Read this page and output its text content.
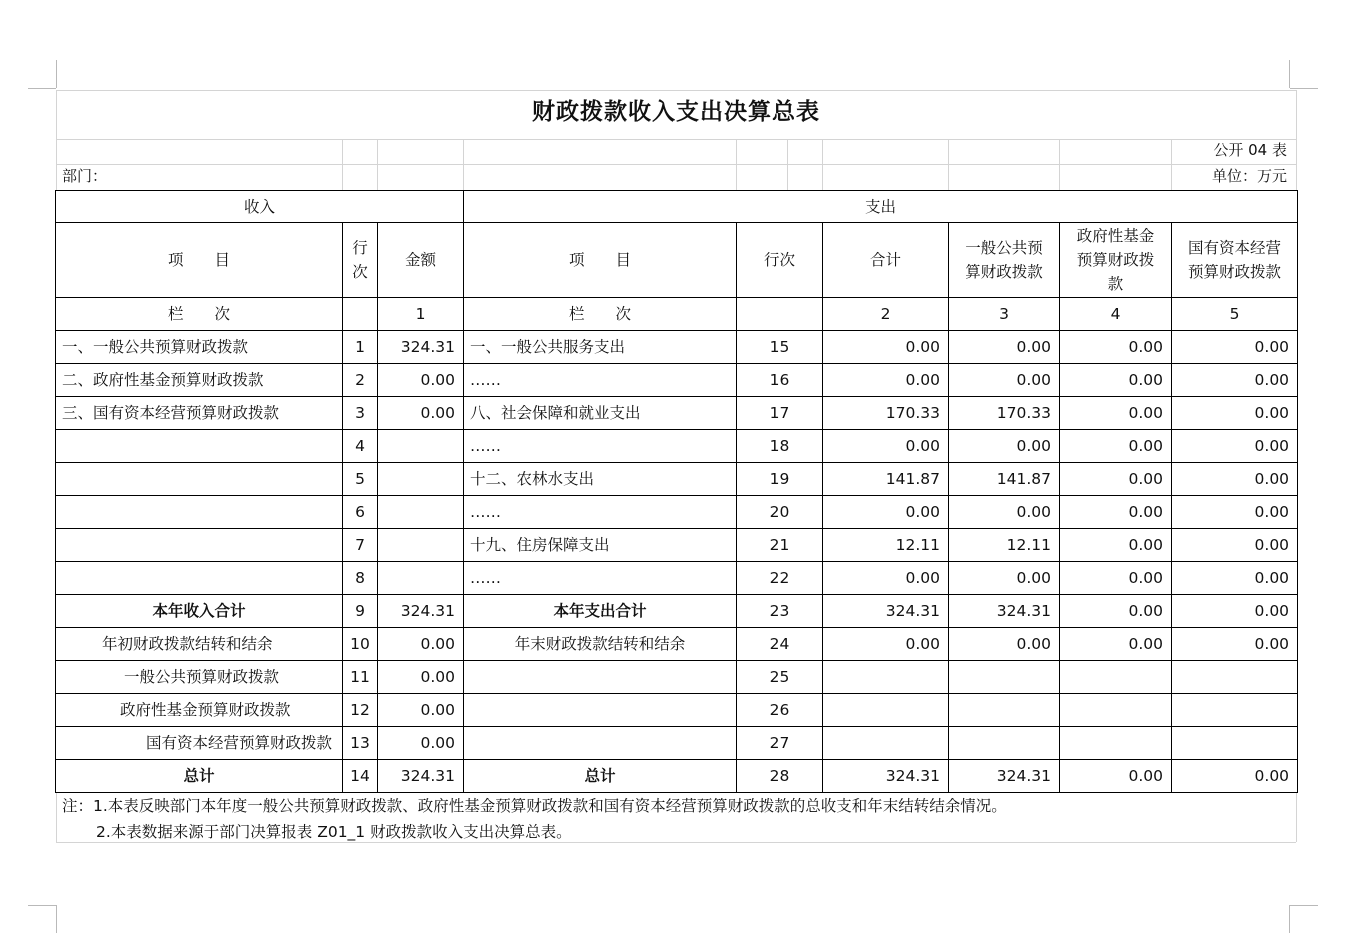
财政拨款收入支出决算总表
公开 04 表
部门：	单位：万元
收入			支出					
项　　目	行次	金额	项　　目	行次	合计	一般公共预算财政拨款	政府性基金预算财政拨款	国有资本经营预算财政拨款
栏　　次		1	栏　　次		2	3	4	5
一、一般公共预算财政拨款	1	324.31	一、一般公共服务支出	15	0.00	0.00	0.00	0.00
二、政府性基金预算财政拨款	2	0.00	……	16	0.00	0.00	0.00	0.00
三、国有资本经营预算财政拨款	3	0.00	八、社会保障和就业支出	17	170.33	170.33	0.00	0.00
	4		……	18	0.00	0.00	0.00	0.00
	5		十二、农林水支出	19	141.87	141.87	0.00	0.00
	6		……	20	0.00	0.00	0.00	0.00
	7		十九、住房保障支出	21	12.11	12.11	0.00	0.00
	8		……	22	0.00	0.00	0.00	0.00
本年收入合计	9	324.31	本年支出合计	23	324.31	324.31	0.00	0.00
年初财政拨款结转和结余	10	0.00	年末财政拨款结转和结余	24	0.00	0.00	0.00	0.00
一般公共预算财政拨款	11	0.00		25				
政府性基金预算财政拨款	12	0.00		26				
国有资本经营预算财政拨款	13	0.00		27				
总计	14	324.31	总计	28	324.31	324.31	0.00	0.00
注：1.本表反映部门本年度一般公共预算财政拨款、政府性基金预算财政拨款和国有资本经营预算财政拨款的总收支和年末结转结余情况。
2.本表数据来源于部门决算报表 Z01_1 财政拨款收入支出决算总表。
